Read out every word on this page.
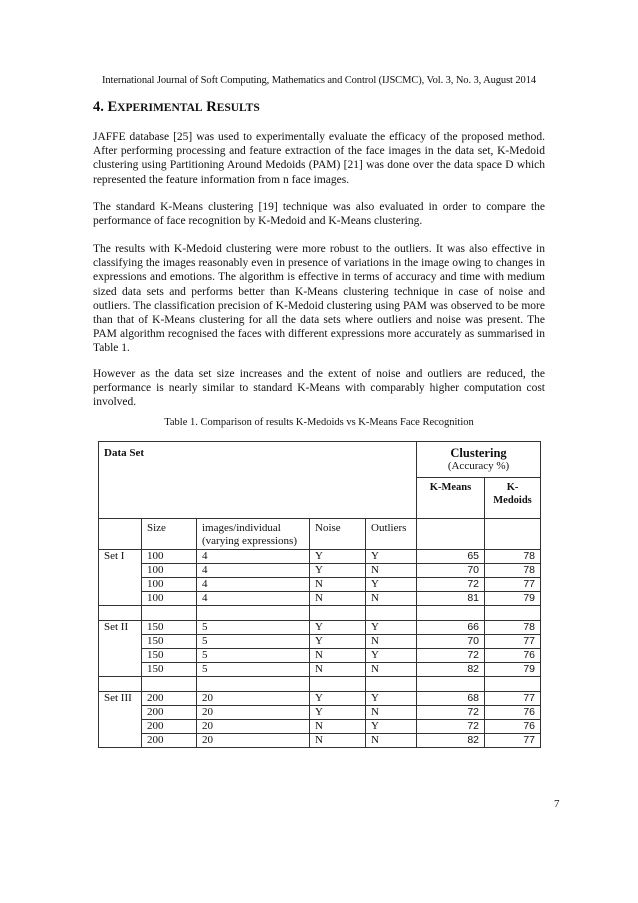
International Journal of Soft Computing, Mathematics and Control (IJSCMC), Vol. 3, No. 3, August 2014
4. EXPERIMENTAL RESULTS

JAFFE database [25] was used to experimentally evaluate the efficacy of the proposed method. After performing processing and feature extraction of the face images in the data set, K-Medoid clustering using Partitioning Around Medoids (PAM) [21] was done over the data space D which represented the feature information from n face images.

The standard K-Means clustering [19] technique was also evaluated in order to compare the performance of face recognition by K-Medoid and K-Means clustering.

The results with K-Medoid clustering were more robust to the outliers. It was also effective in classifying the images reasonably even in presence of variations in the image owing to changes in expressions and emotions. The algorithm is effective in terms of accuracy and time with medium sized data sets and performs better than K-Means clustering technique in case of noise and outliers. The classification precision of K-Medoid clustering using PAM was observed to be more than that of K-Means clustering for all the data sets where outliers and noise was present. The PAM algorithm recognised the faces with different expressions more accurately as summarised in Table 1.

However as the data set size increases and the extent of noise and outliers are reduced, the performance is nearly similar to standard K-Means with comparably higher computation cost involved.

Table 1. Comparison of results K-Medoids vs K-Means Face Recognition
Data Set					Clustering
(Accuracy %)	

					K-Means	K-
Medoids

	Size	images/individual
(varying expressions)	Noise	Outliers		
Set I	100	4	Y	Y	65	78
	100	4	Y	N	70	78
	100	4	N	Y	72	77
	100	4	N	N	81	79

Set II	150	5	Y	Y	66	78
	150	5	Y	N	70	77
	150	5	N	Y	72	76
	150	5	N	N	82	79

Set III	200	20	Y	Y	68	77
	200	20	Y	N	72	76
	200	20	N	Y	72	76
	200	20	N	N	82	77
7
